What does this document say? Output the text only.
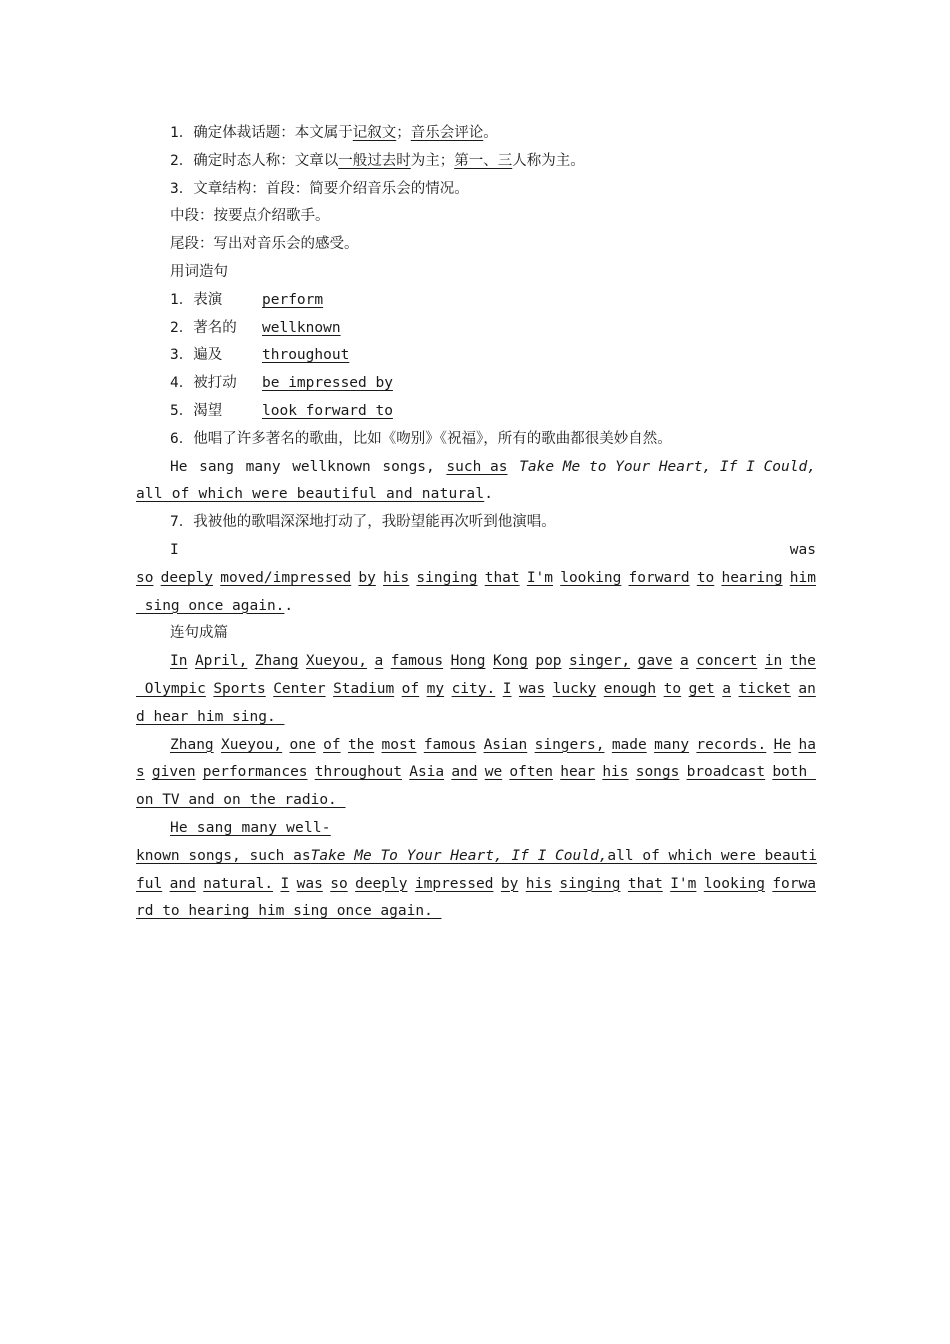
1．确定体裁话题：本文属于记叙文；音乐会评论。
2．确定时态人称：文章以一般过去时为主；第一、三人称为主。
3．文章结构：首段：简要介绍音乐会的情况。
中段：按要点介绍歌手。
尾段：写出对音乐会的感受。
用词造句
1．表演	perform
2．著名的 wellknown
3．遍及	throughout
4．被打动 be impressed by
5．渴望	look forward to
6．他唱了许多著名的歌曲，比如《吻别》《祝福》，所有的歌曲都很美妙自然。
He sang many wellknown songs, such as Take Me to Your Heart, If I Could,
all of which were beautiful and natural.
7．我被他的歌唱深深地打动了，我盼望能再次听到他演唱。
I	was
so deeply moved/impressed by his singing that I'm looking forward to hearing him
sing once again..
连句成篇
In April, Zhang Xueyou, a famous Hong Kong pop singer, gave a concert in the
Olympic Sports Center Stadium of my city. I was lucky enough to get a ticket an
d hear him sing.
Zhang Xueyou, one of the most famous Asian singers, made many records. He ha
s given performances throughout Asia and we often hear his songs broadcast both
on TV and on the radio.
He sang many well-
known songs, such as Take Me To Your Heart, If I Could, all of which were beauti
ful and natural. I was so deeply impressed by his singing that I'm looking forwa
rd to hearing him sing once again.
